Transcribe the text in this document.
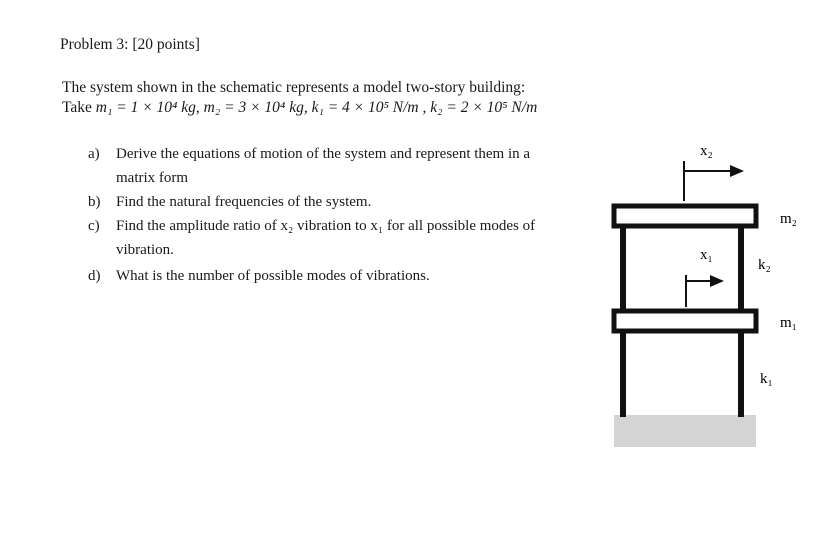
Problem 3: [20 points]
The system shown in the schematic represents a model two-story building:
Take m₁ = 1 × 10⁴ kg, m₂ = 3 × 10⁴ kg, k₁ = 4 × 10⁵ N/m , k₂ = 2 × 10⁵ N/m
a)	Derive the equations of motion of the system and represent them in a matrix form
b)	Find the natural frequencies of the system.
c)	Find the amplitude ratio of x₂ vibration to x₁ for all possible modes of vibration.
d)	What is the number of possible modes of vibrations.
x₂
x₁
m₂
k₂
m₁
k₁
